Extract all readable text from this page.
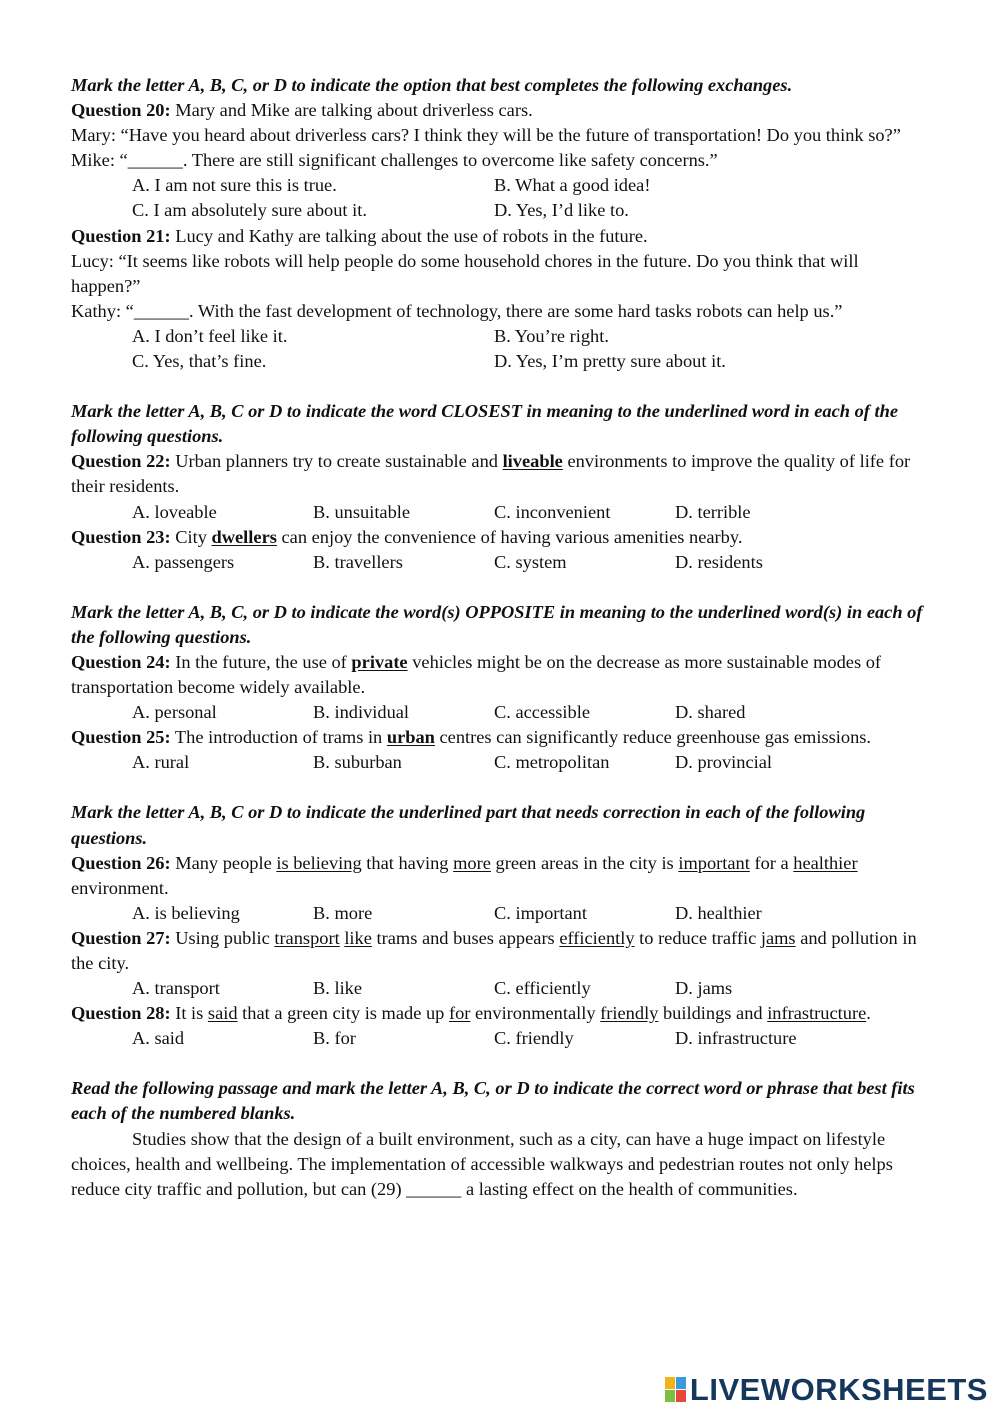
Mark the letter A, B, C, or D to indicate the option that best completes the following exchanges.
Question 20: Mary and Mike are talking about driverless cars.
Mary: “Have you heard about driverless cars? I think they will be the future of transportation! Do you think so?”
Mike: “______. There are still significant challenges to overcome like safety concerns.”
A. I am not sure this is true.	B. What a good idea!
C. I am absolutely sure about it.	D. Yes, I’d like to.
Question 21: Lucy and Kathy are talking about the use of robots in the future.
Lucy: “It seems like robots will help people do some household chores in the future. Do you think that will happen?”
Kathy: “______. With the fast development of technology, there are some hard tasks robots can help us.”
A. I don’t feel like it.	B. You’re right.
C. Yes, that’s fine.	D. Yes, I’m pretty sure about it.
Mark the letter A, B, C or D to indicate the word CLOSEST in meaning to the underlined word in each of the following questions.
Question 22: Urban planners try to create sustainable and liveable environments to improve the quality of life for their residents.
A. loveable	B. unsuitable	C. inconvenient	D. terrible
Question 23: City dwellers can enjoy the convenience of having various amenities nearby.
A. passengers	B. travellers	C. system	D. residents
Mark the letter A, B, C, or D to indicate the word(s) OPPOSITE in meaning to the underlined word(s) in each of the following questions.
Question 24: In the future, the use of private vehicles might be on the decrease as more sustainable modes of transportation become widely available.
A. personal	B. individual	C. accessible	D. shared
Question 25: The introduction of trams in urban centres can significantly reduce greenhouse gas emissions.
A. rural	B. suburban	C. metropolitan	D. provincial
Mark the letter A, B, C or D to indicate the underlined part that needs correction in each of the following questions.
Question 26: Many people is believing that having more green areas in the city is important for a healthier environment.
A. is believing	B. more	C. important	D. healthier
Question 27: Using public transport like trams and buses appears efficiently to reduce traffic jams and pollution in the city.
A. transport	B. like	C. efficiently	D. jams
Question 28: It is said that a green city is made up for environmentally friendly buildings and infrastructure.
A. said	B. for	C. friendly	D. infrastructure
Read the following passage and mark the letter A, B, C, or D to indicate the correct word or phrase that best fits each of the numbered blanks.
Studies show that the design of a built environment, such as a city, can have a huge impact on lifestyle choices, health and wellbeing. The implementation of accessible walkways and pedestrian routes not only helps reduce city traffic and pollution, but can (29) ______ a lasting effect on the health of communities.
LIVEWORKSHEETS
